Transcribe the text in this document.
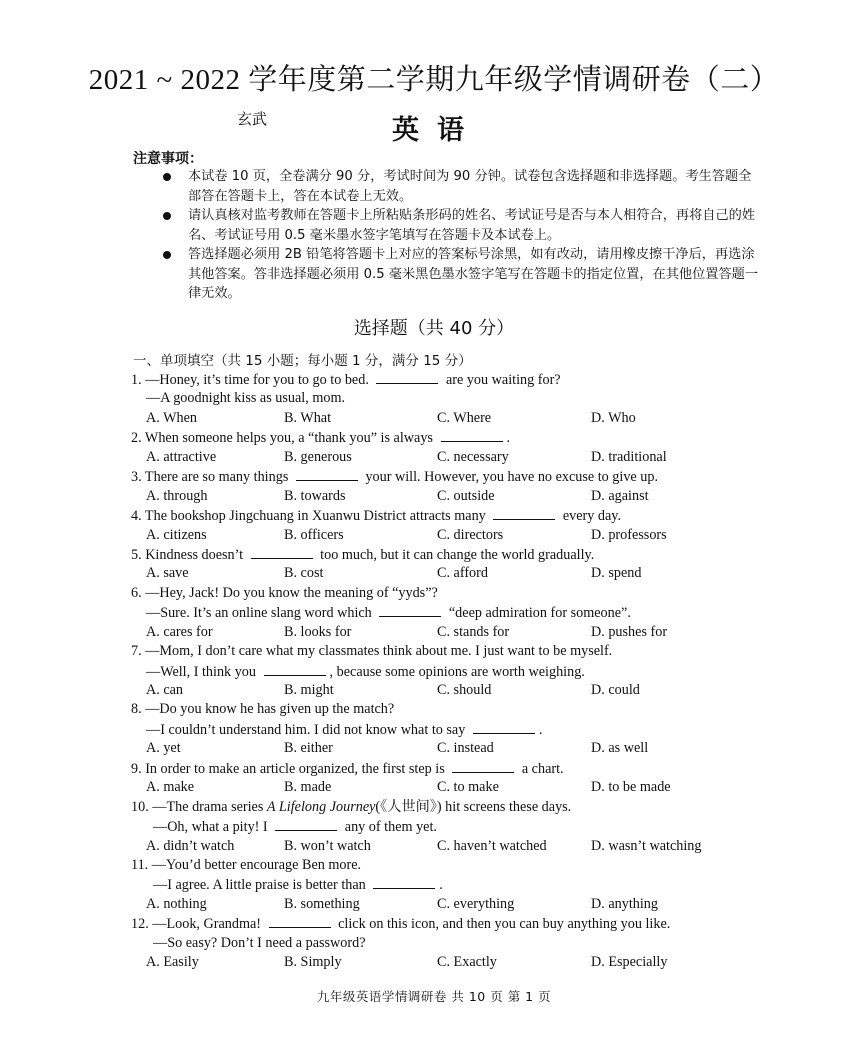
2021 ~ 2022 学年度第二学期九年级学情调研卷（二）
玄武	英语
注意事项：
本试卷 10 页，全卷满分 90 分，考试时间为 90 分钟。试卷包含选择题和非选择题。考生答题全部答在答题卡上，答在本试卷上无效。
请认真核对监考教师在答题卡上所粘贴条形码的姓名、考试证号是否与本人相符合，再将自己的姓名、考试证号用 0.5 毫米墨水签字笔填写在答题卡及本试卷上。
答选择题必须用 2B 铅笔将答题卡上对应的答案标号涂黑，如有改动，请用橡皮擦干净后，再选涂其他答案。答非选择题必须用 0.5 毫米黑色墨水签字笔写在答题卡的指定位置，在其他位置答题一律无效。
选择题（共 40 分）
一、单项填空（共 15 小题；每小题 1 分，满分 15 分）
1. —Honey, it’s time for you to go to bed.	are you waiting for?
—A goodnight kiss as usual, mom.
A. When	B. What	C. Where	D. Who
2. When someone helps you, a “thank you” is always	.
A. attractive	B. generous	C. necessary	D. traditional
3. There are so many things	your will. However, you have no excuse to give up.
A. through	B. towards	C. outside	D. against
4. The bookshop Jingchuang in Xuanwu District attracts many	every day.
A. citizens	B. officers	C. directors	D. professors
5. Kindness doesn’t	too much, but it can change the world gradually.
A. save	B. cost	C. afford	D. spend
6. —Hey, Jack! Do you know the meaning of “yyds”?
—Sure. It’s an online slang word which	“deep admiration for someone”.
A. cares for	B. looks for	C. stands for	D. pushes for
7. —Mom, I don’t care what my classmates think about me. I just want to be myself.
—Well, I think you	, because some opinions are worth weighing.
A. can	B. might	C. should	D. could
8. —Do you know he has given up the match?
—I couldn’t understand him. I did not know what to say	.
A. yet	B. either	C. instead	D. as well
9. In order to make an article organized, the first step is	a chart.
A. make	B. made	C. to make	D. to be made
10. —The drama series A Lifelong Journey(《人世间》) hit screens these days.
—Oh, what a pity! I	any of them yet.
A. didn’t watch	B. won’t watch	C. haven’t watched	D. wasn’t watching
11. —You’d better encourage Ben more.
—I agree. A little praise is better than	.
A. nothing	B. something	C. everything	D. anything
12. —Look, Grandma!	click on this icon, and then you can buy anything you like.
—So easy? Don’t I need a password?
A. Easily	B. Simply	C. Exactly	D. Especially
九年级英语学情调研卷 共 10 页 第 1 页
